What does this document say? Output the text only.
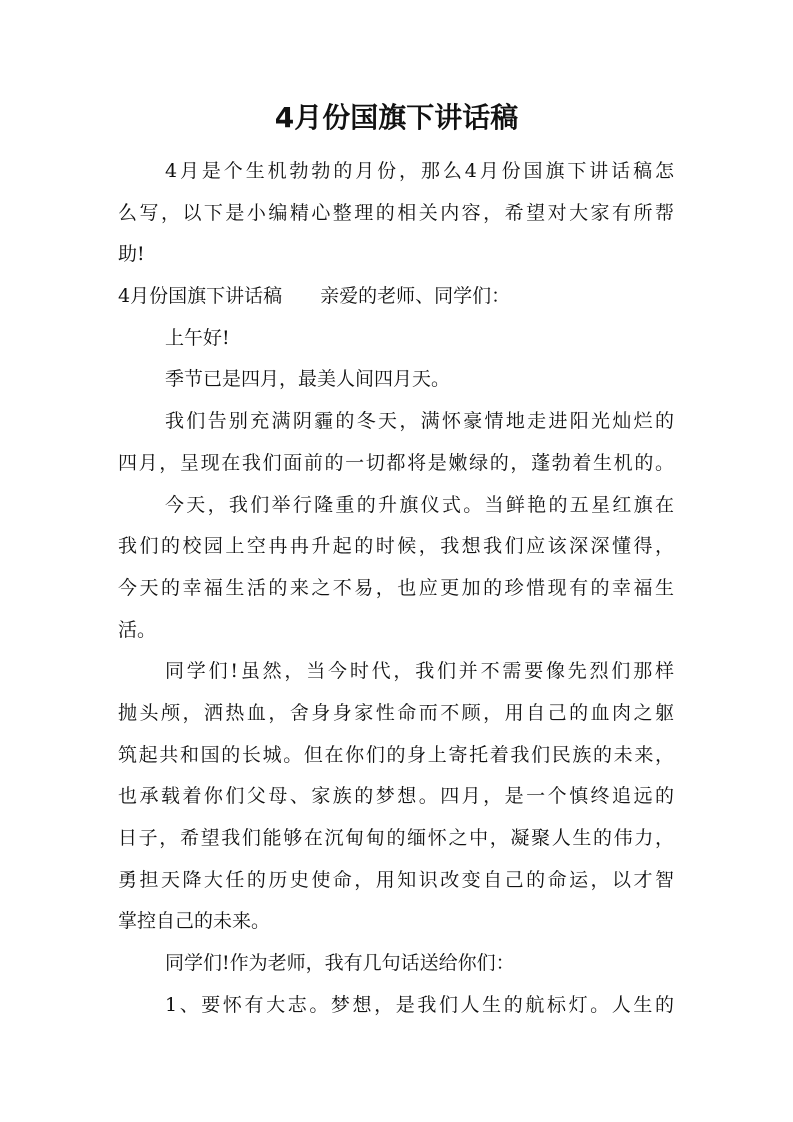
4月份国旗下讲话稿
4月是个生机勃勃的月份，那么4月份国旗下讲话稿怎
么写，以下是小编精心整理的相关内容，希望对大家有所帮
助!
4月份国旗下讲话稿　　亲爱的老师、同学们：
上午好!
季节已是四月，最美人间四月天。
我们告别充满阴霾的冬天，满怀豪情地走进阳光灿烂的
四月，呈现在我们面前的一切都将是嫩绿的，蓬勃着生机的。
今天，我们举行隆重的升旗仪式。当鲜艳的五星红旗在
我们的校园上空冉冉升起的时候，我想我们应该深深懂得，
今天的幸福生活的来之不易，也应更加的珍惜现有的幸福生
活。
同学们!虽然，当今时代，我们并不需要像先烈们那样
抛头颅，洒热血，舍身身家性命而不顾，用自己的血肉之躯
筑起共和国的长城。但在你们的身上寄托着我们民族的未来，
也承载着你们父母、家族的梦想。四月，是一个慎终追远的
日子，希望我们能够在沉甸甸的缅怀之中，凝聚人生的伟力，
勇担天降大任的历史使命，用知识改变自己的命运，以才智
掌控自己的未来。
同学们!作为老师，我有几句话送给你们：
1、要怀有大志。梦想，是我们人生的航标灯。人生的
